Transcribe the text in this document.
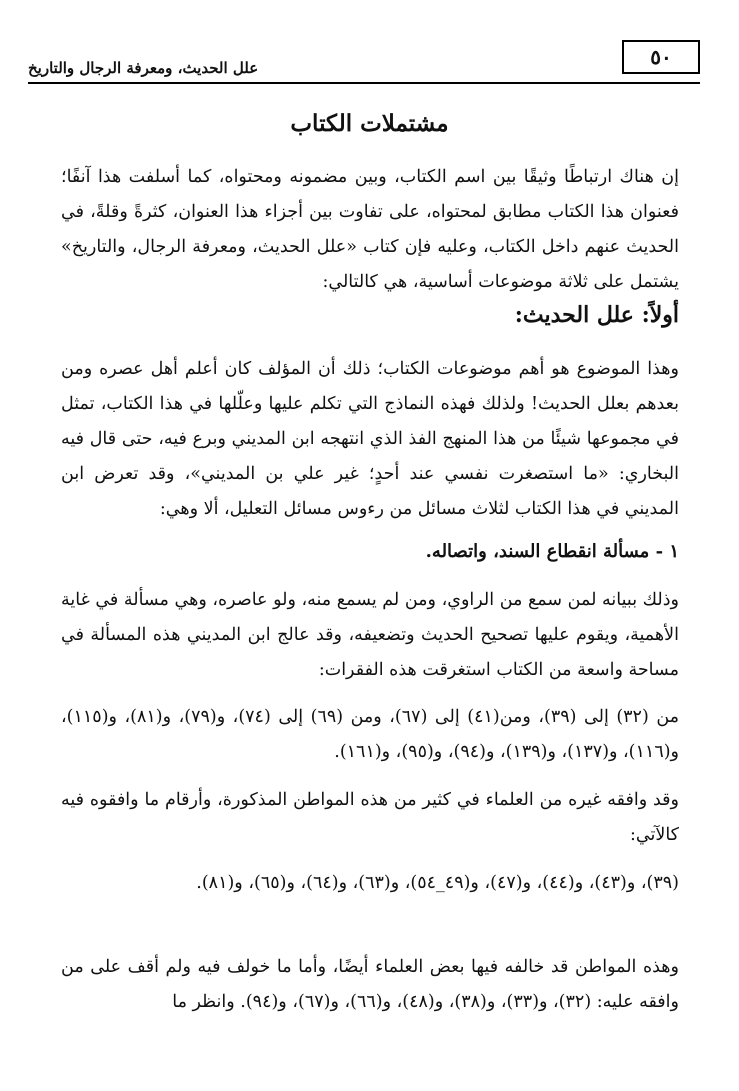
٥٠
علل الحديث، ومعرفة الرجال والتاريخ
مشتملات الكتاب

إن هناك ارتباطًا وثيقًا بين اسم الكتاب، وبين مضمونه ومحتواه، كما أسلفت هذا آنفًا؛ فعنوان هذا الكتاب مطابق لمحتواه، على تفاوت بين أجزاء هذا العنوان، كثرةً وقلةً، في الحديث عنهم داخل الكتاب، وعليه فإن كتاب «علل الحديث، ومعرفة الرجال، والتاريخ» يشتمل على ثلاثة موضوعات أساسية، هي كالتالي:

أولاً: علل الحديث:

وهذا الموضوع هو أهم موضوعات الكتاب؛ ذلك أن المؤلف كان أعلم أهل عصره ومن بعدهم بعلل الحديث! ولذلك فهذه النماذج التي تكلم عليها وعلّلها في هذا الكتاب، تمثل في مجموعها شيئًا من هذا المنهج الفذ الذي انتهجه ابن المديني وبرع فيه، حتى قال فيه البخاري: «ما استصغرت نفسي عند أحدٍ؛ غير علي بن المديني»، وقد تعرض ابن المديني في هذا الكتاب لثلاث مسائل من رءوس مسائل التعليل، ألا وهي:

١ - مسألة انقطاع السند، واتصاله.

وذلك ببيانه لمن سمع من الراوي، ومن لم يسمع منه، ولو عاصره، وهي مسألة في غاية الأهمية، ويقوم عليها تصحيح الحديث وتضعيفه، وقد عالج ابن المديني هذه المسألة في مساحة واسعة من الكتاب استغرقت هذه الفقرات:

من (٣٢) إلى (٣٩)، ومن(٤١) إلى (٦٧)، ومن (٦٩) إلى (٧٤)، و(٧٩)، و(٨١)، و(١١٥)، و(١١٦)، و(١٣٧)، و(١٣٩)، و(٩٤)، و(٩٥)، و(١٦١).

وقد وافقه غيره من العلماء في كثير من هذه المواطن المذكورة، وأرقام ما وافقوه فيه كالآتي:

(٣٩)، و(٤٣)، و(٤٤)، و(٤٧)، و(٤٩_٥٤)، و(٦٣)، و(٦٤)، و(٦٥)، و(٨١).

وهذه المواطن قد خالفه فيها بعض العلماء أيضًا، وأما ما خولف فيه ولم أقف على من وافقه عليه: (٣٢)، و(٣٣)، و(٣٨)، و(٤٨)، و(٦٦)، و(٦٧)، و(٩٤). وانظر ما
